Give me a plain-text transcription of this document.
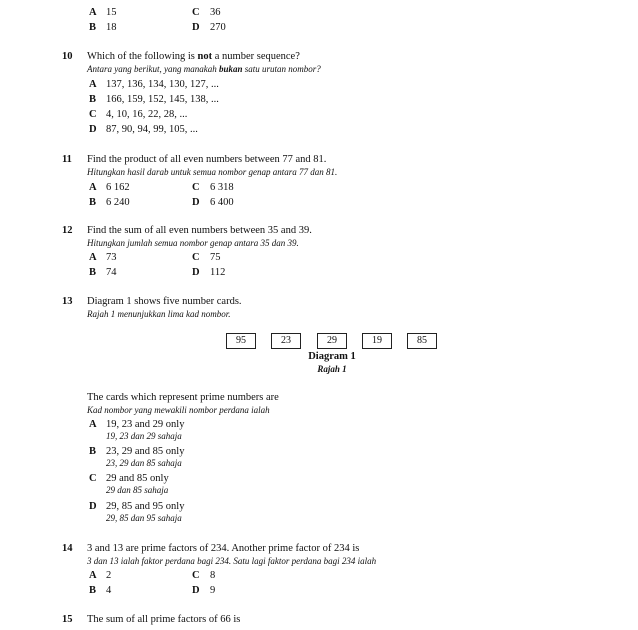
A 15	C 36
B 18	D 270
10 Which of the following is not a number sequence?
Antara yang berikut, yang manakah bukan satu urutan nombor?
A 137, 136, 134, 130, 127, ...
B 166, 159, 152, 145, 138, ...
C 4, 10, 16, 22, 28, ...
D 87, 90, 94, 99, 105, ...
11 Find the product of all even numbers between 77 and 81.
Hitungkan hasil darab untuk semua nombor genap antara 77 dan 81.
A 6 162	C 6 318
B 6 240	D 6 400
12 Find the sum of all even numbers between 35 and 39.
Hitungkan jumlah semua nombor genap antara 35 dan 39.
A 73	C 75
B 74	D 112
13 Diagram 1 shows five number cards.
Rajah 1 menunjukkan lima kad nombor.
95	23	29	19	85
Diagram 1
Rajah 1
The cards which represent prime numbers are
Kad nombor yang mewakili nombor perdana ialah
A 19, 23 and 29 only
19, 23 dan 29 sahaja
B 23, 29 and 85 only
23, 29 dan 85 sahaja
C 29 and 85 only
29 dan 85 sahaja
D 29, 85 and 95 only
29, 85 dan 95 sahaja
14 3 and 13 are prime factors of 234. Another prime factor of 234 is
3 dan 13 ialah faktor perdana bagi 234. Satu lagi faktor perdana bagi 234 ialah
A 2	C 8
B 4	D 9
15 The sum of all prime factors of 66 is
